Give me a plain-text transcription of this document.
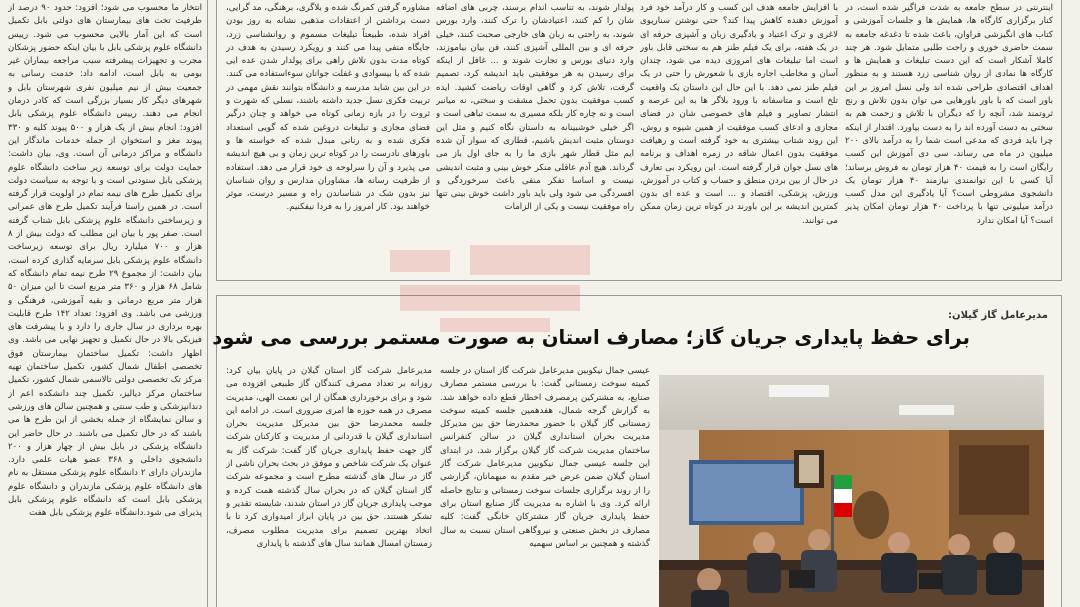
انتخار ما محسوب می شود؛ افزود: حدود ۹۰ درصد از ظرفیت تخت های بیمارستان های دولتی بابل تکمیل است که این آمار بالایی محسوب می شود. رییس دانشگاه علوم پزشکی بابل با بیان اینکه حضور پزشکان مجرب و تجهیزات پیشرفته سبب مراجعه بیماران غیر بومی به بابل است، ادامه داد: خدمت رسانی به جمعیت بیش از نیم میلیون نفری شهرستان بابل و شهرهای دیگر کار بسیار بزرگی است که کادر درمان انجام می دهند. رییس دانشگاه علوم پزشکی بابل افزود: انجام بیش از یک هزار و ۵۰۰ پیوند کلیه و ۳۳۰ پیوند مغز و استخوان از جمله خدمات ماندگار این دانشگاه و مراکز درمانی آن است. وی، بیان داشت: حمایت دولت برای توسعه زیر ساخت دانشگاه علوم پزشکی بابل ستودنی است و با توجه به سیاست دولت برای تکمیل طرح های نیمه تمام در اولویت قرار گرفته است. در همین راستا فرآیند تکمیل طرح های عمرانی و زیرساختی دانشگاه علوم پزشکی بابل شتاب گرفته است. صفر پور با بیان این مطلب که دولت بیش از ۸ هزار و ۷۰۰ میلیارد ریال برای توسعه زیرساخت دانشگاه علوم پزشکی بابل سرمایه گذاری کرده است، بیان داشت: از مجموع ۲۹ طرح نیمه تمام دانشگاه که شامل ۶۸ هزار و ۳۶۰ متر مربع است تا این میزان ۵۰ هزار متر مربع درمانی و بقیه آموزشی، فرهنگی و ورزشی می باشد. وی افزود: تعداد ۱۴۲ طرح قابلیت بهره برداری در سال جاری را دارد و با پیشرفت های فیزیکی بالا در حال تکمیل و تجهیز نهایی می باشد. وی اظهار داشت: تکمیل ساختمان بیمارستان فوق تخصصی اطفال شمال کشور، تکمیل ساختمان تهیه مرکز تک تخصصی دولتی تالاسمی شمال کشور، تکمیل ساختمان مرکز دیالیز، تکمیل چند دانشکده اعم از دندانپزشکی و طب سنتی و همچنین سالن های ورزشی و سالن نمایشگاه از جمله بخشی از این طرح ها می باشند که در حال تکمیل می باشند. در حال حاضر این دانشگاه پزشکی در بابل بیش از چهار هزار و ۲۰۰ دانشجوی داخلی و ۳۶۸ عضو هیات علمی دارد. مازندران دارای ۲ دانشگاه علوم پزشکی مستقل به نام های دانشگاه علوم پزشکی مازندران و دانشگاه علوم پزشکی بابل است که دانشگاه علوم پزشکی بابل پذیرای می شود.دانشگاه علوم پزشکی بابل هفت
اینترنتی در سطح جامعه به شدت فراگیر شده است، در کنار برگزاری کارگاه ها، همایش ها و جلسات آموزشی و کتاب های انگیزشی فراوان، باعث شده تا دغدغه جامعه به سمت حاضری خوری و راحت طلبی متمایل شود. هر چند کاملا آشکار است که این دست تبلیغات و همایش ها و کارگاه ها نمادی از روان شناسی زرد هستند و به منظور اهداف اقتصادی طراحی شده اند ولی نسل امروز بر این باور است که با باور باورهایی می توان بدون تلاش و رنج ثروتمند شد، آنچه را که دیگران با تلاش و زحمت هم به سختی به دست آورده اند را به دست بیاورد. اقتدار از اینکه چرا باید فردی که مدعی است شما را به درآمد بالای ۲۰۰ میلیون در ماه می رساند، سی دی آموزش این کسب رایگان است را به قیمت ۴۰ هزار تومان به فروش برساند؛ آیا کسی با این توانمندی نیازمند ۴۰ هزار تومان یک دانشجوی مشروطی است؟ آیا یادگیری این مدل کسب درآمد میلیونی تنها با پرداخت ۴۰ هزار تومان امکان پذیر است؟ آیا امکان ندارد
با افزایش جامعه هدف این کسب و کار درآمد خود فرد آموزش دهنده کاهش پیدا کند؟ حتی نوشتن سناریوی لاغری و ترک اعتیاد و یادگیری زبان و آشپزی حرفه ای در یک هفته، برای یک فیلم طنز هم به سختی قابل باور است اما تبلیغات های امروزی دیده می شود، چندان آسان و مخاطب اجاره بازی با شعورش را حتی در یک فیلم طنز نمی دهد. با این حال این داستان یک واقعیت تلخ است و متاسفانه با ورود بلاگر ها به این عرصه و انتشار تصاویر و فیلم های خصوصی شان در فضای مجازی و ادعای کسب موفقیت از همین شیوه و روش، این روند شتاب بیشتری به خود گرفته است و رهیافت موفقیت بدون اعمال شاقه در زمره اهداف و برنامه های نسل جوان قرار گرفته است. این رویکرد بی تعارف در حال از بین بردن منطق و حساب و کتاب در آموزش، ورزش، پزشکی، اقتصاد و ... است و عده ای بدون کمترین اندیشه بر این باورند در کوتاه ترین زمان ممکن می توانند.
پولدار شوند، به تناسب اندام برسند، چربی های اضافه شان را کم کنند، اعتیادشان را ترک کنند، وارد بورس شوند، به راحتی به زبان های خارجی صحبت کنند، خیلی حرفه ای و بین المللی آشپزی کنند، فن بیان بیاموزند، وارد دنیای بورس و تجارت شوند و ... غافل از اینکه برای رسیدن به هر موفقیتی باید اندیشه کرد، تصمیم گرفت، تلاش کرد و گاهی اوقات ریاضت کشید. ایده کسب موفقیت بدون تحمل مشقت و سختی، نه میانبر است و نه چاره کار بلکه مسیری به سمت تباهی است و اگر خیلی خوشبینانه به داستان نگاه کنیم و مثل این دوستان مثبت اندیش باشیم، قطاری که سوار آن شده ایم مثل قطار شهر بازی ما را به جای اول باز می گرداند. هیچ آدم عاقلی منکر خوش بینی و مثبت اندیشی نیست و اساسا تفکر منفی باعث سرخوردگی و افسردگی می شود ولی باید باور داشت خوش بینی تنها راه موفقیت نیست و یکی از الزامات
مشاوره گرفتن کمرنگ شده و بلاگری، برهنگی، مد گرایی، دست برداشتن از اعتقادات مذهبی نشانه به روز بودن افراد شده، طبیعتاً تبلیغات مسموم و روانشناسی زرد، جایگاه منفی پیدا می کنند و رویکرد رسیدن به هدف در کوتاه مدت بدون تلاش راهی برای پولدار شدن عده ایی شده که با بیسوادی و غفلت جوانان سوءاستفاده می کنند. در این بین شاید مدرسه و دانشگاه بتوانند نقش مهمی در تربیت فکری نسل جدید داشته باشند، نسلی که شهرت و ثروت را در بازه زمانی کوتاه می خواهد و چنان درگیر فضای مجازی و تبلیغات دروغین شده که گویی استعداد فکری شده و به رنانی مبدل شده که خواسته ها و باورهای نادرست را در کوتاه ترین زمان و بی هیچ اندیشه می پذیرد و آن را سرلوحه ی خود قرار می دهد. استفاده از ظرفیت رسانه ها، مشاوران مدارس و روان شناسان نیز بدون شک در شناساندن راه و مسیر درست، موثر خواهند بود. کار امروز را به فردا نیفکنیم.
مدیرعامل گاز گیلان:
برای حفظ پایداری جریان گاز؛ مصارف استان به صورت مستمر بررسی می شود
عیسی جمال نیکوبین مدیرعامل شرکت گاز استان در جلسه کمیته سوخت زمستانی گفت: با بررسی مستمر مصارف صنایع، به مشترکین پرمصرف اخطار قطع داده خواهد شد. به گزارش گرجه شمال، هفدهمین جلسه کمیته سوخت زمستانی گاز گیلان با حضور محمدرضا حق بین مدیرکل مدیریت بحران استانداری گیلان در سالن کنفرانس ساختمان مدیریت شرکت گاز گیلان برگزار شد. در ابتدای این جلسه عیسی جمال نیکوبین مدیرعامل شرکت گاز استان گیلان ضمن عرض خیر مقدم به میهمانان، گزارشی را از روند برگزاری جلسات سوخت زمستانی و نتایج حاصله ارائه کرد. وی با اشاره به مدیریت گاز صنایع استان برای حفظ پایداری جریان گاز مشترکان خانگی گفت: کلیه مصارف در بخش صنعتی و نیروگاهی استان نسبت به سال گذشته و همچنین بر اساس سهمیه
مدیرعامل شرکت گاز استان گیلان در پایان بیان کرد: روزانه بر تعداد مصرف کنندگان گاز طبیعی افزوده می شود و برای برخورداری همگان از این نعمت الهی، مدیریت مصرف در همه حوزه ها امری ضروری است. در ادامه این جلسه محمدرضا حق بین مدیرکل مدیریت بحران استانداری گیلان با قدردانی از مدیریت و کارکنان شرکت گاز جهت حفظ پایداری جریان گاز گفت: شرکت گاز به عنوان یک شرکت شاخص و موفق در بحث بحران ناشی از گاز در سال های گذشته مطرح است و مجموعه شرکت گاز استان گیلان که در بحران سال گذشته همت کرده و موجب پایداری جریان گاز در استان شدند، شایسته تقدیر و تشکر هستند. حق بین در پایان ابراز امیدواری کرد تا با اتخاذ بهترین تصمیم برای مدیریت مطلوب مصرف، زمستان امسال همانند سال های گذشته با پایداری
